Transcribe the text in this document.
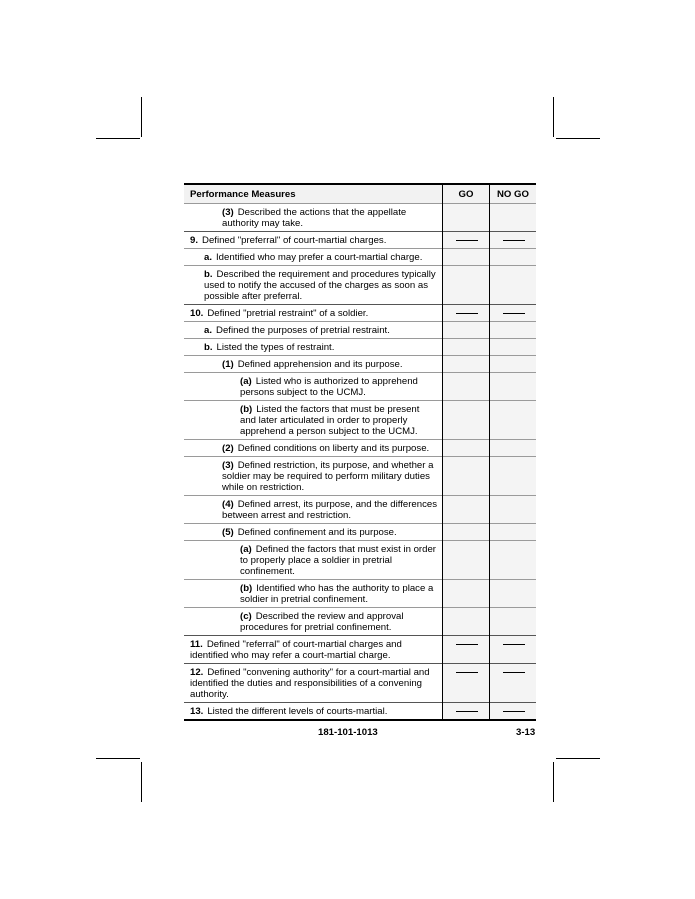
Performance Measures	GO	NO GO
(3) Described the actions that the appellate authority may take.		
9. Defined "preferral" of court-martial charges.		
a. Identified who may prefer a court-martial charge.		
b. Described the requirement and procedures typically used to notify the accused of the charges as soon as possible after preferral.		
10. Defined "pretrial restraint" of a soldier.		
a. Defined the purposes of pretrial restraint.		
b. Listed the types of restraint.		
(1) Defined apprehension and its purpose.		
(a) Listed who is authorized to apprehend persons subject to the UCMJ.		
(b) Listed the factors that must be present and later articulated in order to properly apprehend a person subject to the UCMJ.		
(2) Defined conditions on liberty and its purpose.		
(3) Defined restriction, its purpose, and whether a soldier may be required to perform military duties while on restriction.		
(4) Defined arrest, its purpose, and the differences between arrest and restriction.		
(5) Defined confinement and its purpose.		
(a) Defined the factors that must exist in order to properly place a soldier in pretrial confinement.		
(b) Identified who has the authority to place a soldier in pretrial confinement.		
(c) Described the review and approval procedures for pretrial confinement.		
11. Defined "referral" of court-martial charges and identified who may refer a court-martial charge.		
12. Defined "convening authority" for a court-martial and identified the duties and responsibilities of a convening authority.		
13. Listed the different levels of courts-martial.		
181-101-1013	3-13
